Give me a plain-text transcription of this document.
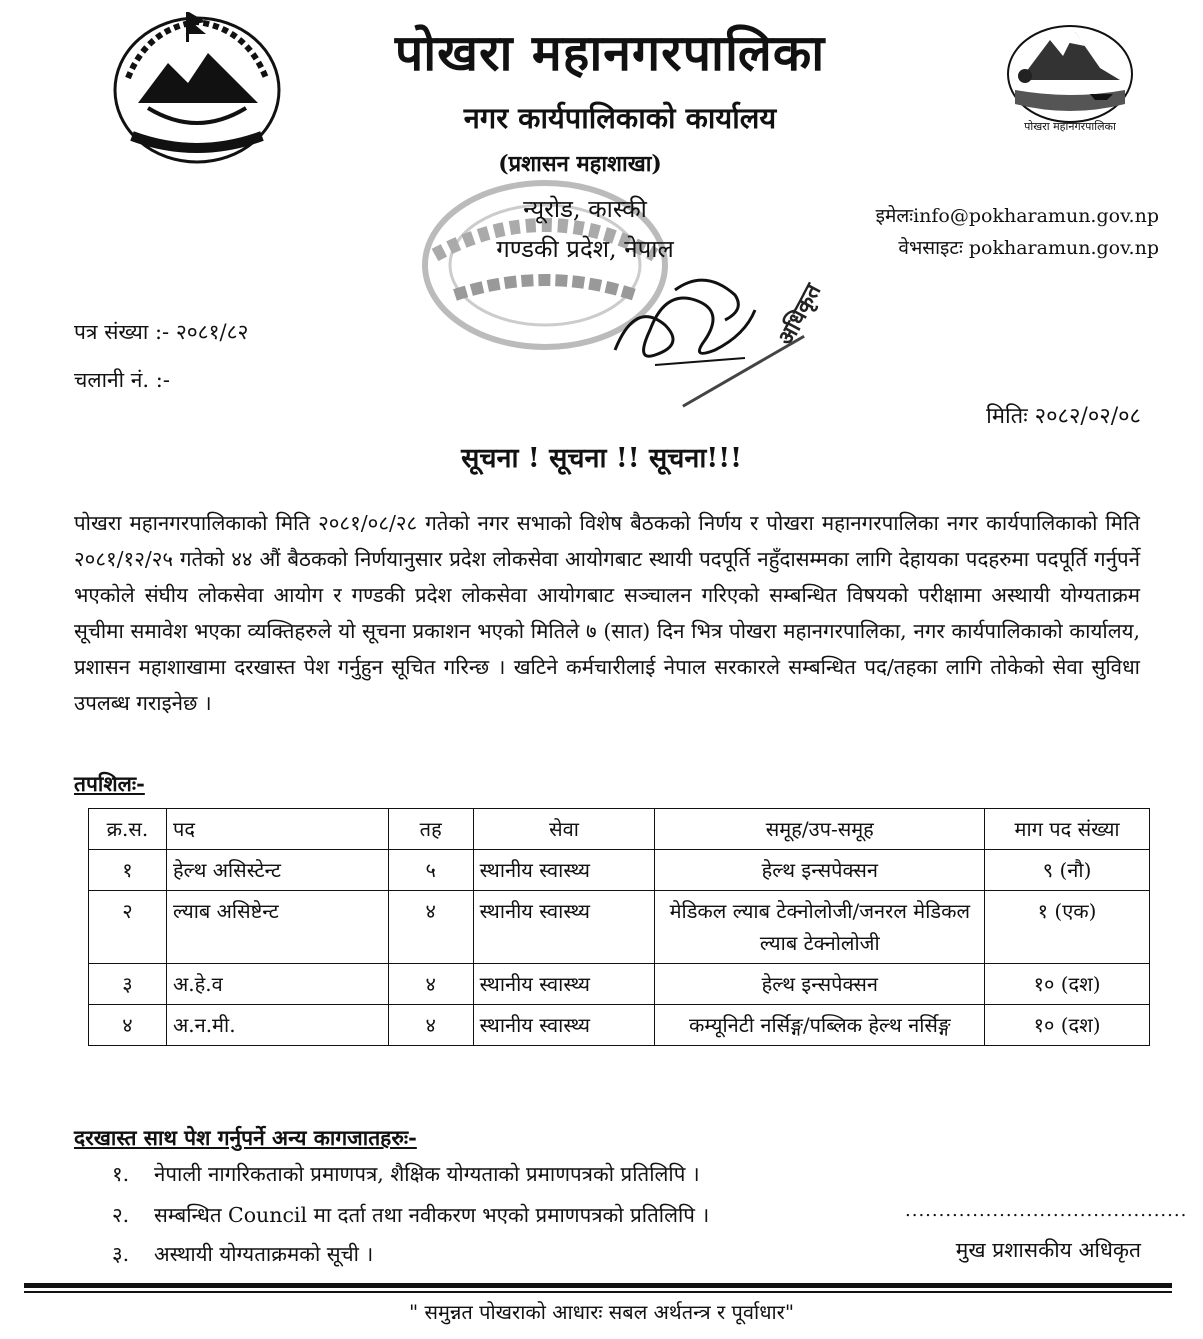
पोखरा महानगरपालिका
पोखरा महानगरपालिका
नगर कार्यपालिकाको कार्यालय
(प्रशासन महाशाखा)
न्यूरोड, कास्की
गण्डकी प्रदेश, नेपाल
इमेलःinfo@pokharamun.gov.np
वेभसाइटः pokharamun.gov.np
पत्र संख्या :- २०८१/८२
चलानी नं. :-
अधिकृत
मितिः २०८२/०२/०८
सूचना ! सूचना !! सूचना!!!
पोखरा महानगरपालिकाको मिति २०८१/०८/२८ गतेको नगर सभाको विशेष बैठकको निर्णय र पोखरा महानगरपालिका नगर कार्यपालिकाको मिति २०८१/१२/२५ गतेको ४४ औं बैठकको निर्णयानुसार प्रदेश लोकसेवा आयोगबाट स्थायी पदपूर्ति नहुँदासम्मका लागि देहायका पदहरुमा पदपूर्ति गर्नुपर्ने भएकोले संघीय लोकसेवा आयोग र गण्डकी प्रदेश लोकसेवा आयोगबाट सञ्चालन गरिएको सम्बन्धित विषयको परीक्षामा अस्थायी योग्यताक्रम सूचीमा समावेश भएका व्यक्तिहरुले यो सूचना प्रकाशन भएको मितिले ७ (सात) दिन भित्र पोखरा महानगरपालिका, नगर कार्यपालिकाको कार्यालय, प्रशासन महाशाखामा दरखास्त पेश गर्नुहुन सूचित गरिन्छ । खटिने कर्मचारीलाई नेपाल सरकारले सम्बन्धित पद/तहका लागि तोकेको सेवा सुविधा उपलब्ध गराइनेछ ।
तपशिलः-
क्र.स.	पद	तह	सेवा	समूह/उप-समूह	माग पद संख्या
१	हेल्थ असिस्टेन्ट	५	स्थानीय स्वास्थ्य	हेल्थ इन्सपेक्सन	९ (नौ)
२	ल्याब असिष्टेन्ट	४	स्थानीय स्वास्थ्य	मेडिकल ल्याब टेक्नोलोजी/जनरल मेडिकल ल्याब टेक्नोलोजी	१ (एक)
३	अ.हे.व	४	स्थानीय स्वास्थ्य	हेल्थ इन्सपेक्सन	१० (दश)
४	अ.न.मी.	४	स्थानीय स्वास्थ्य	कम्यूनिटी नर्सिङ्ग/पब्लिक हेल्थ नर्सिङ्ग	१० (दश)
दरखास्त साथ पेश गर्नुपर्ने अन्य कागजातहरुः-
१. नेपाली नागरिकताको प्रमाणपत्र, शैक्षिक योग्यताको प्रमाणपत्रको प्रतिलिपि ।
२. सम्बन्धित Council मा दर्ता तथा नवीकरण भएको प्रमाणपत्रको प्रतिलिपि ।
३. अस्थायी योग्यताक्रमको सूची ।
..........................................
मुख प्रशासकीय अधिकृत
" समुन्नत पोखराको आधारः सबल अर्थतन्त्र र पूर्वाधार"
